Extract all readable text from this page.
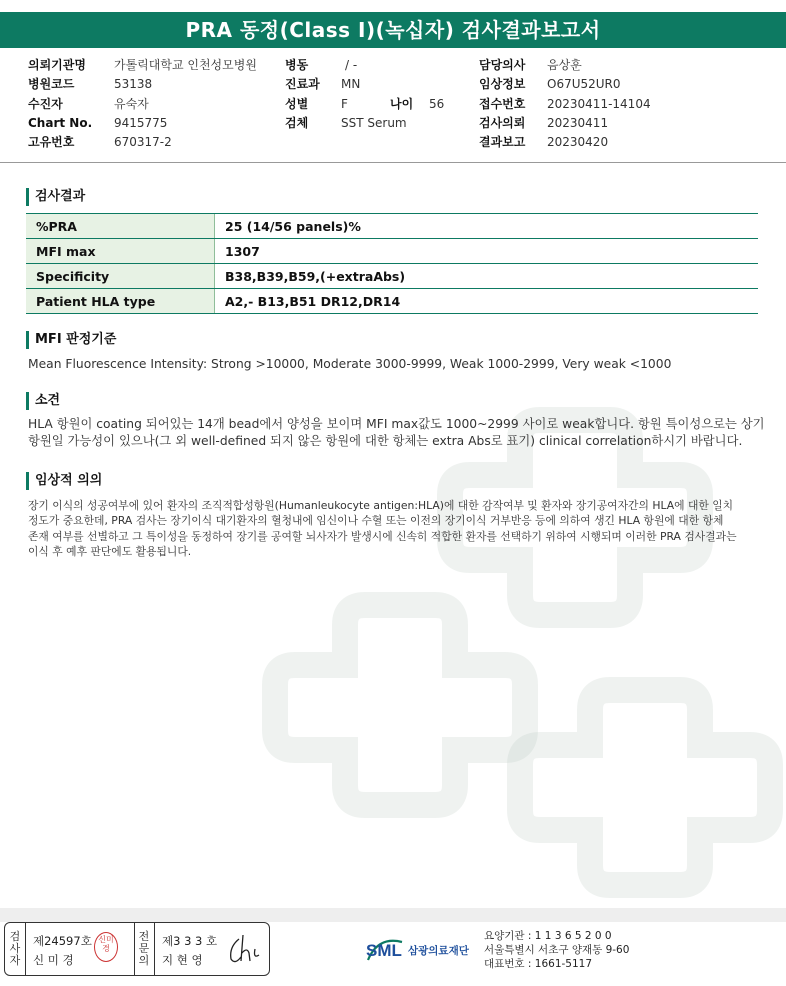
PRA 동정(Class I)(녹십자) 검사결과보고서
의뢰기관명	가톨릭대학교 인천성모병원
병원코드	53138
수진자	유숙자
Chart No.	9415775
고유번호	670317-2
병동	/ -
진료과	MN
성별	F	나이	56
검체	SST Serum
담당의사	음상훈
임상정보	O67U52UR0
접수번호	20230411-14104
검사의뢰	20230411
결과보고	20230420
검사결과
%PRA	25 (14/56 panels)%
MFI max	1307
Specificity	B38,B39,B59,(+extraAbs)
Patient HLA type	A2,- B13,B51 DR12,DR14
MFI 판정기준
Mean Fluorescence Intensity: Strong >10000, Moderate 3000-9999, Weak 1000-2999, Very weak <1000
소견
HLA 항원이 coating 되어있는 14개 bead에서 양성을 보이며 MFI max값도 1000~2999 사이로 weak합니다. 항원 특이성으로는 상기
항원일 가능성이 있으나(그 외 well-defined 되지 않은 항원에 대한 항체는 extra Abs로 표기) clinical correlation하시기 바랍니다.
임상적 의의
장기 이식의 성공여부에 있어 환자의 조직적합성항원(Humanleukocyte antigen:HLA)에 대한 감작여부 및 환자와 장기공여자간의 HLA에 대한 일치
정도가 중요한데, PRA 검사는 장기이식 대기환자의 혈청내에 임신이나 수혈 또는 이전의 장기이식 거부반응 등에 의하여 생긴 HLA 항원에 대한 항체
존재 여부를 선별하고 그 특이성을 동정하여 장기를 공여할 뇌사자가 발생시에 신속히 적합한 환자를 선택하기 위하여 시행되며 이러한 PRA 검사결과는
이식 후 예후 판단에도 활용됩니다.
검
사
자
제24597호
신 미 경
전
문
의
제3 3 3 호
지 현 영
신미경	SML 삼광의료재단
요양기관 : 1 1 3 6 5 2 0 0
서울특별시 서초구 양재동 9-60
대표번호 : 1661-5117
